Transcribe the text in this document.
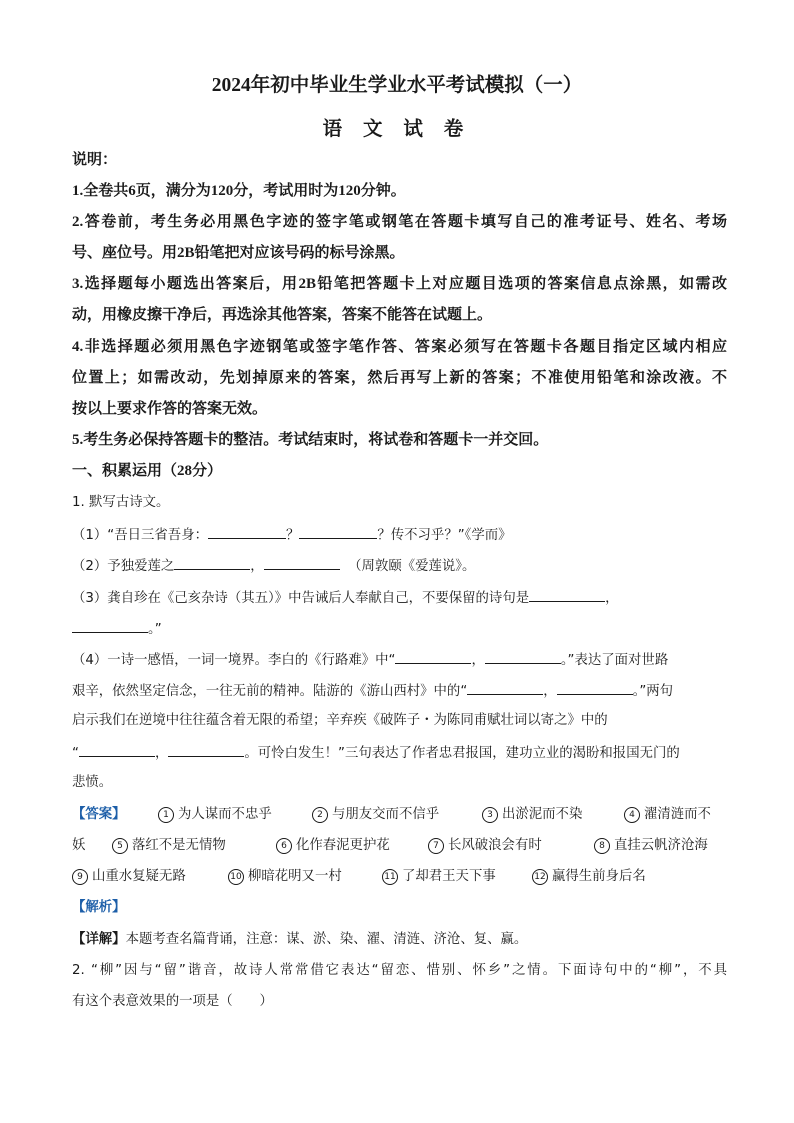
2024年初中毕业生学业水平考试模拟（一）
语 文 试 卷
说明：
1.全卷共6页，满分为120分，考试用时为120分钟。
2.答卷前，考生务必用黑色字迹的签字笔或钢笔在答题卡填写自己的准考证号、姓名、考场
号、座位号。用2B铅笔把对应该号码的标号涂黑。
3.选择题每小题选出答案后，用2B铅笔把答题卡上对应题目选项的答案信息点涂黑，如需改
动，用橡皮擦干净后，再选涂其他答案，答案不能答在试题上。
4.非选择题必须用黑色字迹钢笔或签字笔作答、答案必须写在答题卡各题目指定区域内相应
位置上；如需改动，先划掉原来的答案，然后再写上新的答案；不准使用铅笔和涂改液。不
按以上要求作答的答案无效。
5.考生务必保持答题卡的整洁。考试结束时，将试卷和答题卡一并交回。
一、积累运用（28分）
1. 默写古诗文。
（1）“吾日三省吾身：	？	？传不习乎？”《学而》
（2）予独爱莲之	，	（周敦颐《爱莲说》。
（3）龚自珍在《己亥杂诗（其五）》中告诫后人奉献自己，不要保留的诗句是	，
。”
（4）一诗一感悟，一词一境界。李白的《行路难》中“	，	。”表达了面对世路
艰辛，依然坚定信念，一往无前的精神。陆游的《游山西村》中的“	，	。”两句
启示我们在逆境中往往蕴含着无限的希望；辛弃疾《破阵子・为陈同甫赋壮词以寄之》中的
“	，	。可怜白发生！”三句表达了作者忠君报国，建功立业的渴盼和报国无门的
悲愤。
【答案】	1 为人谋而不忠乎	2 与朋友交而不信乎	3 出淤泥而不染	4 濯清涟而不
妖	5 落红不是无情物	6 化作春泥更护花	7 长风破浪会有时	8 直挂云帆济沧海
9 山重水复疑无路	10 柳暗花明又一村	11 了却君王天下事	12 赢得生前身后名
【解析】
【详解】本题考查名篇背诵，注意：谋、淤、染、濯、清涟、济沧、复、赢。
2. “柳”因与“留”谐音，故诗人常常借它表达“留恋、惜别、怀乡”之情。下面诗句中的“柳”，不具
有这个表意效果的一项是（　　）
